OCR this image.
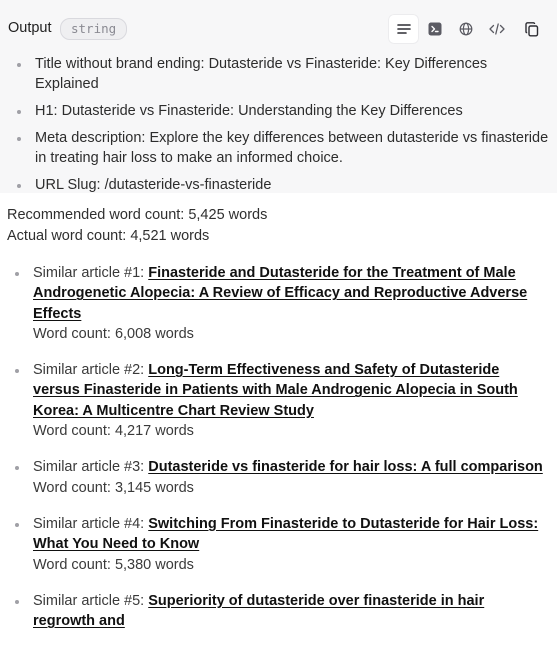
Output	string
Title without brand ending: Dutasteride vs Finasteride: Key Differences Explained
H1: Dutasteride vs Finasteride: Understanding the Key Differences
Meta description: Explore the key differences between dutasteride vs finasteride in treating hair loss to make an informed choice.
URL Slug: /dutasteride-vs-finasteride
Recommended word count: 5,425 words
Actual word count: 4,521 words
Similar article #1: Finasteride and Dutasteride for the Treatment of Male Androgenetic Alopecia: A Review of Efficacy and Reproductive Adverse Effects
Word count: 6,008 words
Similar article #2: Long-Term Effectiveness and Safety of Dutasteride versus Finasteride in Patients with Male Androgenic Alopecia in South Korea: A Multicentre Chart Review Study
Word count: 4,217 words
Similar article #3: Dutasteride vs finasteride for hair loss: A full comparison
Word count: 3,145 words
Similar article #4: Switching From Finasteride to Dutasteride for Hair Loss: What You Need to Know
Word count: 5,380 words
Similar article #5: Superiority of dutasteride over finasteride in hair regrowth and
